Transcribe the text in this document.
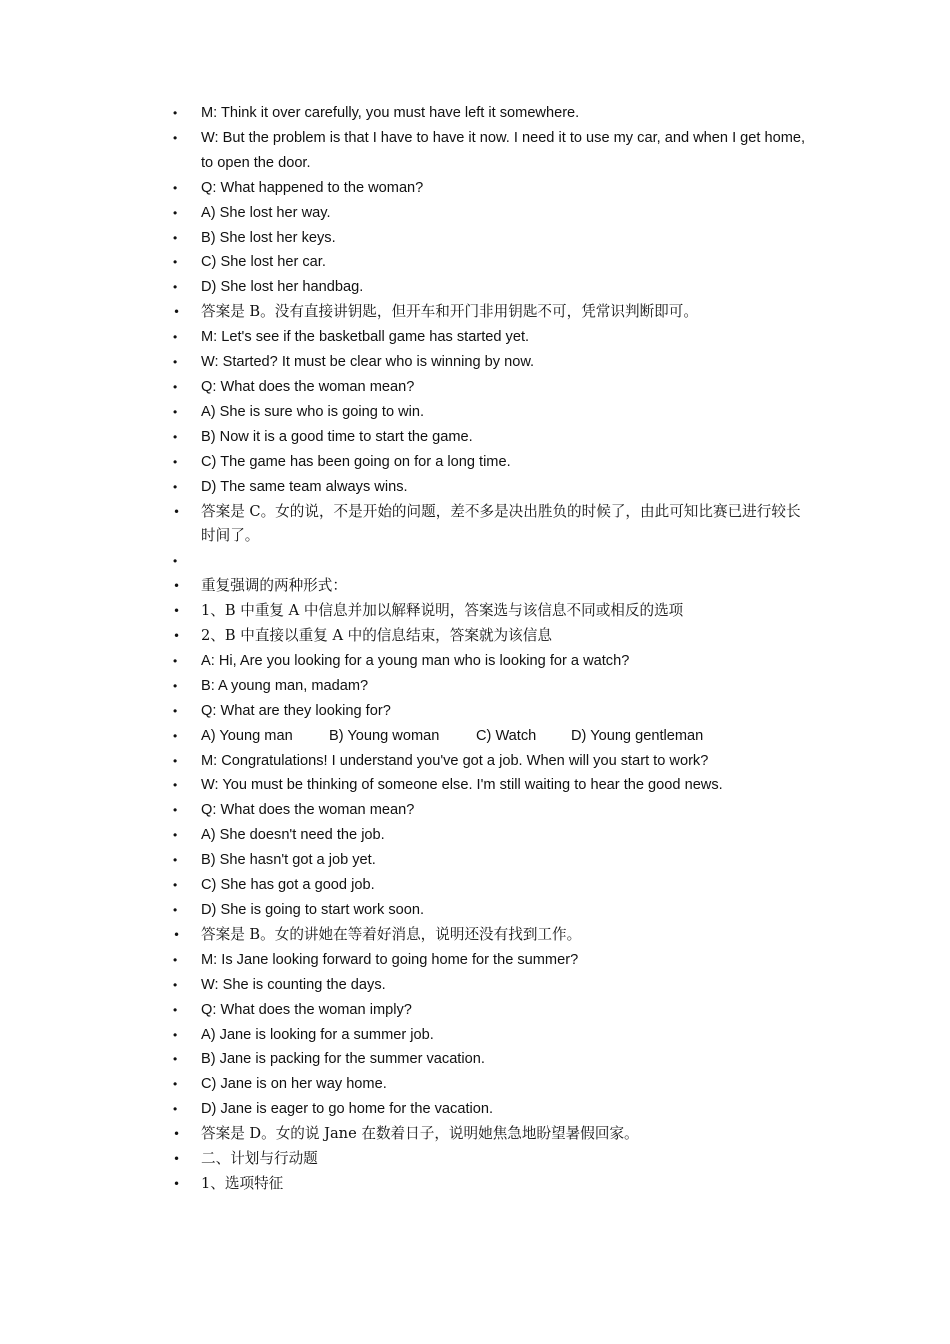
• M: Think it over carefully, you must have left it somewhere.
• W: But the problem is that I have to have it now. I need it to use my car, and when I get home, to open the door.
• Q: What happened to the woman?
• A) She lost her way.
• B) She lost her keys.
• C) She lost her car.
• D) She lost her handbag.
• 答案是 B。没有直接讲钥匙，但开车和开门非用钥匙不可，凭常识判断即可。
• M: Let's see if the basketball game has started yet.
• W: Started? It must be clear who is winning by now.
• Q: What does the woman mean?
• A) She is sure who is going to win.
• B) Now it is a good time to start the game.
• C) The game has been going on for a long time.
• D) The same team always wins.
• 答案是 C。女的说，不是开始的问题，差不多是决出胜负的时候了，由此可知比赛已进行较长时间了。
•
• 重复强调的两种形式：
• 1、B 中重复 A 中信息并加以解释说明，答案选与该信息不同或相反的选项
• 2、B 中直接以重复 A 中的信息结束，答案就为该信息
• A: Hi, Are you looking for a young man who is looking for a watch?
• B: A young man, madam?
• Q: What are they looking for?
• A) Young man	B) Young woman	C) Watch	D) Young gentleman
• M: Congratulations! I understand you've got a job. When will you start to work?
• W: You must be thinking of someone else. I'm still waiting to hear the good news.
• Q: What does the woman mean?
• A) She doesn't need the job.
• B) She hasn't got a job yet.
• C) She has got a good job.
• D) She is going to start work soon.
• 答案是 B。女的讲她在等着好消息，说明还没有找到工作。
• M: Is Jane looking forward to going home for the summer?
• W: She is counting the days.
• Q: What does the woman imply?
• A) Jane is looking for a summer job.
• B) Jane is packing for the summer vacation.
• C) Jane is on her way home.
• D) Jane is eager to go home for the vacation.
• 答案是 D。女的说 Jane 在数着日子，说明她焦急地盼望暑假回家。
• 二、计划与行动题
• 1、选项特征
